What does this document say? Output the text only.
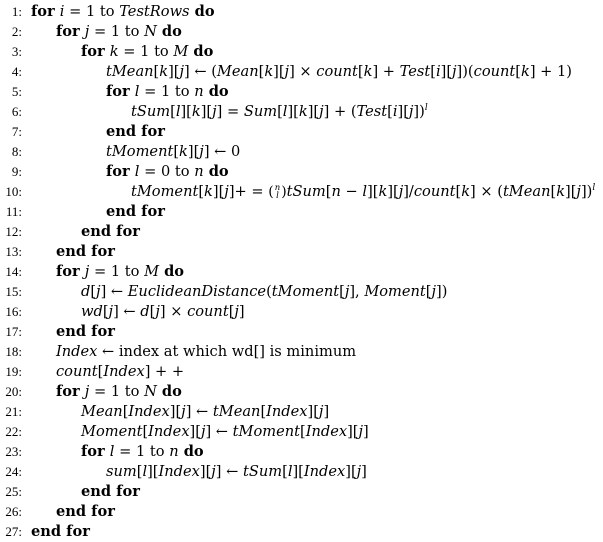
1: for i = 1 to TestRows do
2: for j = 1 to N do
3:	for k = 1 to M do
4:	tMean[k][j] ← (Mean[k][j] × count[k] + Test[i][j])(count[k] + 1)
5:	for l = 1 to n do
6:	tSum[l][k][j] = Sum[l][k][j] + (Test[i][j])$^l$
7:	end for
8:	tMoment[k][j] ← 0
9:	for l = 0 to n do
10:	tMoment[k][j]+ = ( n
l )tSum[n − l][k][j]/count[k] × (tMean[k][j])$^l$
11:	end for
12:	end for
13: end for
14: for j = 1 to M do
15:	d[j] ← EuclideanDistance(tMoment[j], Moment[j])
16:	wd[j] ← d[j] × count[j]
17: end for
18: Index ← index at which wd[] is minimum
19: count[Index] + +
20: for j = 1 to N do
21:	Mean[Index][j] ← tMean[Index][j]
22:	Moment[Index][j] ← tMoment[Index][j]
23:	for l = 1 to n do
24:	sum[l][Index][j] ← tSum[l][Index][j]
25:	end for
26: end for
27: end for
